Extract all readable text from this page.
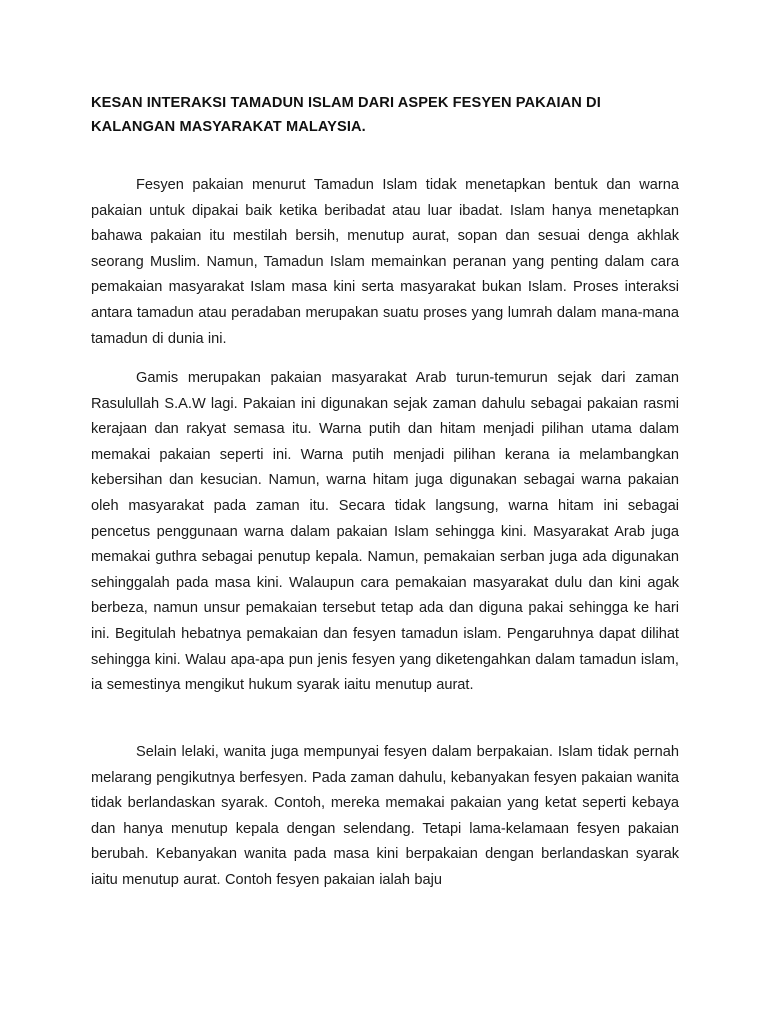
KESAN INTERAKSI TAMADUN ISLAM DARI ASPEK FESYEN PAKAIAN DI KALANGAN MASYARAKAT MALAYSIA.

Fesyen pakaian menurut Tamadun Islam tidak menetapkan bentuk dan warna pakaian untuk dipakai baik ketika beribadat atau luar ibadat. Islam hanya menetapkan bahawa pakaian itu mestilah bersih, menutup aurat, sopan dan sesuai denga akhlak seorang Muslim. Namun, Tamadun Islam memainkan peranan yang penting dalam cara pemakaian masyarakat Islam masa kini serta masyarakat bukan Islam. Proses interaksi antara tamadun atau peradaban merupakan suatu proses yang lumrah dalam mana-mana tamadun di dunia ini.

Gamis merupakan pakaian masyarakat Arab turun-temurun sejak dari zaman Rasulullah S.A.W lagi. Pakaian ini digunakan sejak zaman dahulu sebagai pakaian rasmi kerajaan dan rakyat semasa itu. Warna putih dan hitam menjadi pilihan utama dalam memakai pakaian seperti ini. Warna putih menjadi pilihan kerana ia melambangkan kebersihan dan kesucian. Namun, warna hitam juga digunakan sebagai warna pakaian oleh masyarakat pada zaman itu. Secara tidak langsung, warna hitam ini sebagai pencetus penggunaan warna dalam pakaian Islam sehingga kini. Masyarakat Arab juga memakai guthra sebagai penutup kepala. Namun, pemakaian serban juga ada digunakan sehinggalah pada masa kini. Walaupun cara pemakaian masyarakat dulu dan kini agak berbeza, namun unsur pemakaian tersebut tetap ada dan diguna pakai sehingga ke hari ini. Begitulah hebatnya pemakaian dan fesyen tamadun islam. Pengaruhnya dapat dilihat sehingga kini. Walau apa-apa pun jenis fesyen yang diketengahkan dalam tamadun islam, ia semestinya mengikut hukum syarak iaitu menutup aurat.

Selain lelaki, wanita juga mempunyai fesyen dalam berpakaian. Islam tidak pernah melarang pengikutnya berfesyen. Pada zaman dahulu, kebanyakan fesyen pakaian wanita tidak berlandaskan syarak. Contoh, mereka memakai pakaian yang ketat seperti kebaya dan hanya menutup kepala dengan selendang. Tetapi lama-kelamaan fesyen pakaian berubah. Kebanyakan wanita pada masa kini berpakaian dengan berlandaskan syarak iaitu menutup aurat. Contoh fesyen pakaian ialah baju
